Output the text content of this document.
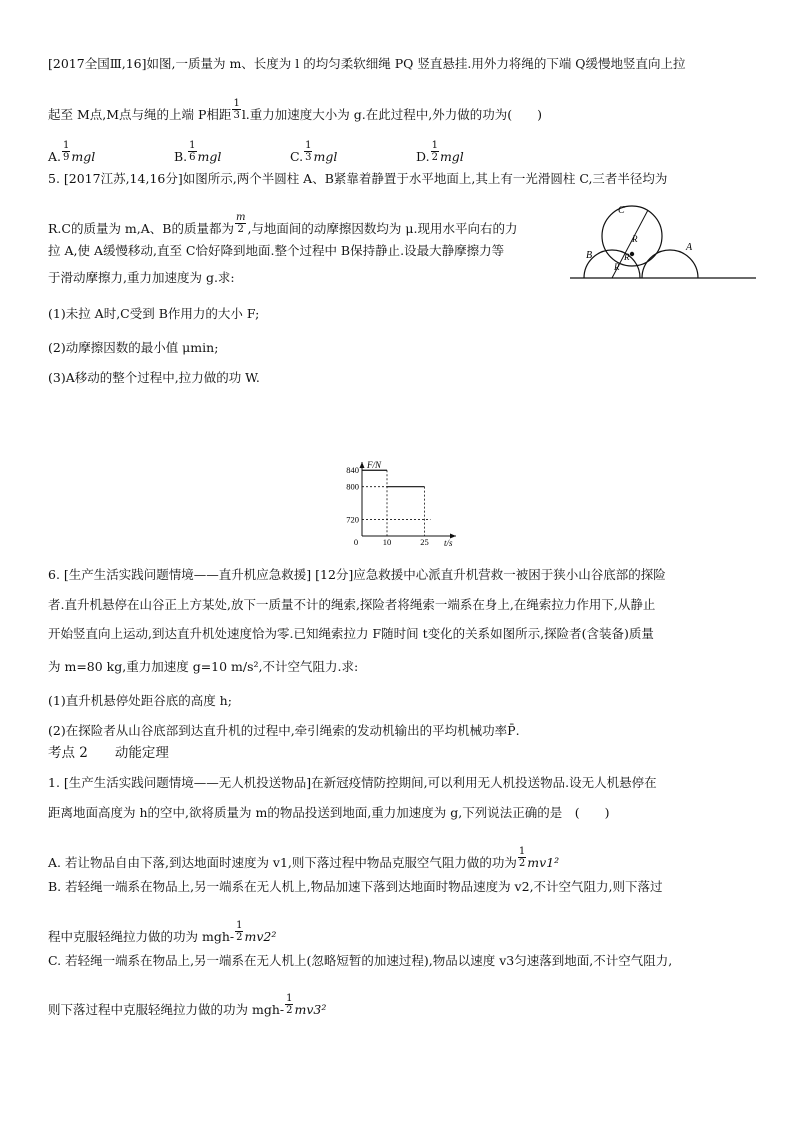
[2017全国Ⅲ,16]如图,一质量为 m、长度为 l 的均匀柔软细绳 PQ 竖直悬挂.用外力将绳的下端 Q缓慢地竖直向上拉
起至 M点,M点与绳的上端 P相距 $\frac{1}{3} l$.重力加速度大小为 g.在此过程中,外力做的功为(　　)
A. $\frac{1}{9}$ mgl	B. $\frac{1}{6}$ mgl	C. $\frac{1}{3}$ mgl	D. $\frac{1}{2}$ mgl
5. [2017江苏,14,16分]如图所示,两个半圆柱 A、B紧靠着静置于水平地面上,其上有一光滑圆柱 C,三者半径均为
R.C的质量为 m,A、B的质量都为 $\frac{m}{2}$ ,与地面间的动摩擦因数均为 μ.现用水平向右的力
拉 A,使 A缓慢移动,直至 C恰好降到地面.整个过程中 B保持静止.设最大静摩擦力等
于滑动摩擦力,重力加速度为 g.求:
(1)未拉 A时,C受到 B作用力的大小 F;
(2)动摩擦因数的最小值 μmin;
(3)A移动的整个过程中,拉力做的功 W.
C
B
A
R
R
R
F/N
t/s
840
800
720
0	10	25
6. [生产生活实践问题情境——直升机应急救援] [12分]应急救援中心派直升机营救一被困于狭小山谷底部的探险
者.直升机悬停在山谷正上方某处,放下一质量不计的绳索,探险者将绳索一端系在身上,在绳索拉力作用下,从静止
开始竖直向上运动,到达直升机处速度恰为零.已知绳索拉力 F随时间 t变化的关系如图所示,探险者(含装备)质量
为 m=80 kg,重力加速度 g=10 m/s²,不计空气阻力.求:
(1)直升机悬停处距谷底的高度 h;
(2)在探险者从山谷底部到达直升机的过程中,牵引绳索的发动机输出的平均机械功率P̄.
考点 2　　动能定理
1. [生产生活实践问题情境——无人机投送物品]在新冠疫情防控期间,可以利用无人机投送物品.设无人机悬停在
距离地面高度为 h的空中,欲将质量为 m的物品投送到地面,重力加速度为 g,下列说法正确的是　(　　)
A. 若让物品自由下落,到达地面时速度为 v1,则下落过程中物品克服空气阻力做的功为 $\frac{1}{2} mv1^2$
B. 若轻绳一端系在物品上,另一端系在无人机上,物品加速下落到达地面时物品速度为 v2,不计空气阻力,则下落过
程中克服轻绳拉力做的功为 $mgh- \frac{1}{2} mv2^2$
C. 若轻绳一端系在物品上,另一端系在无人机上(忽略短暂的加速过程),物品以速度 v3匀速落到地面,不计空气阻力,
则下落过程中克服轻绳拉力做的功为 $mgh- \frac{1}{2} mv3^2$
